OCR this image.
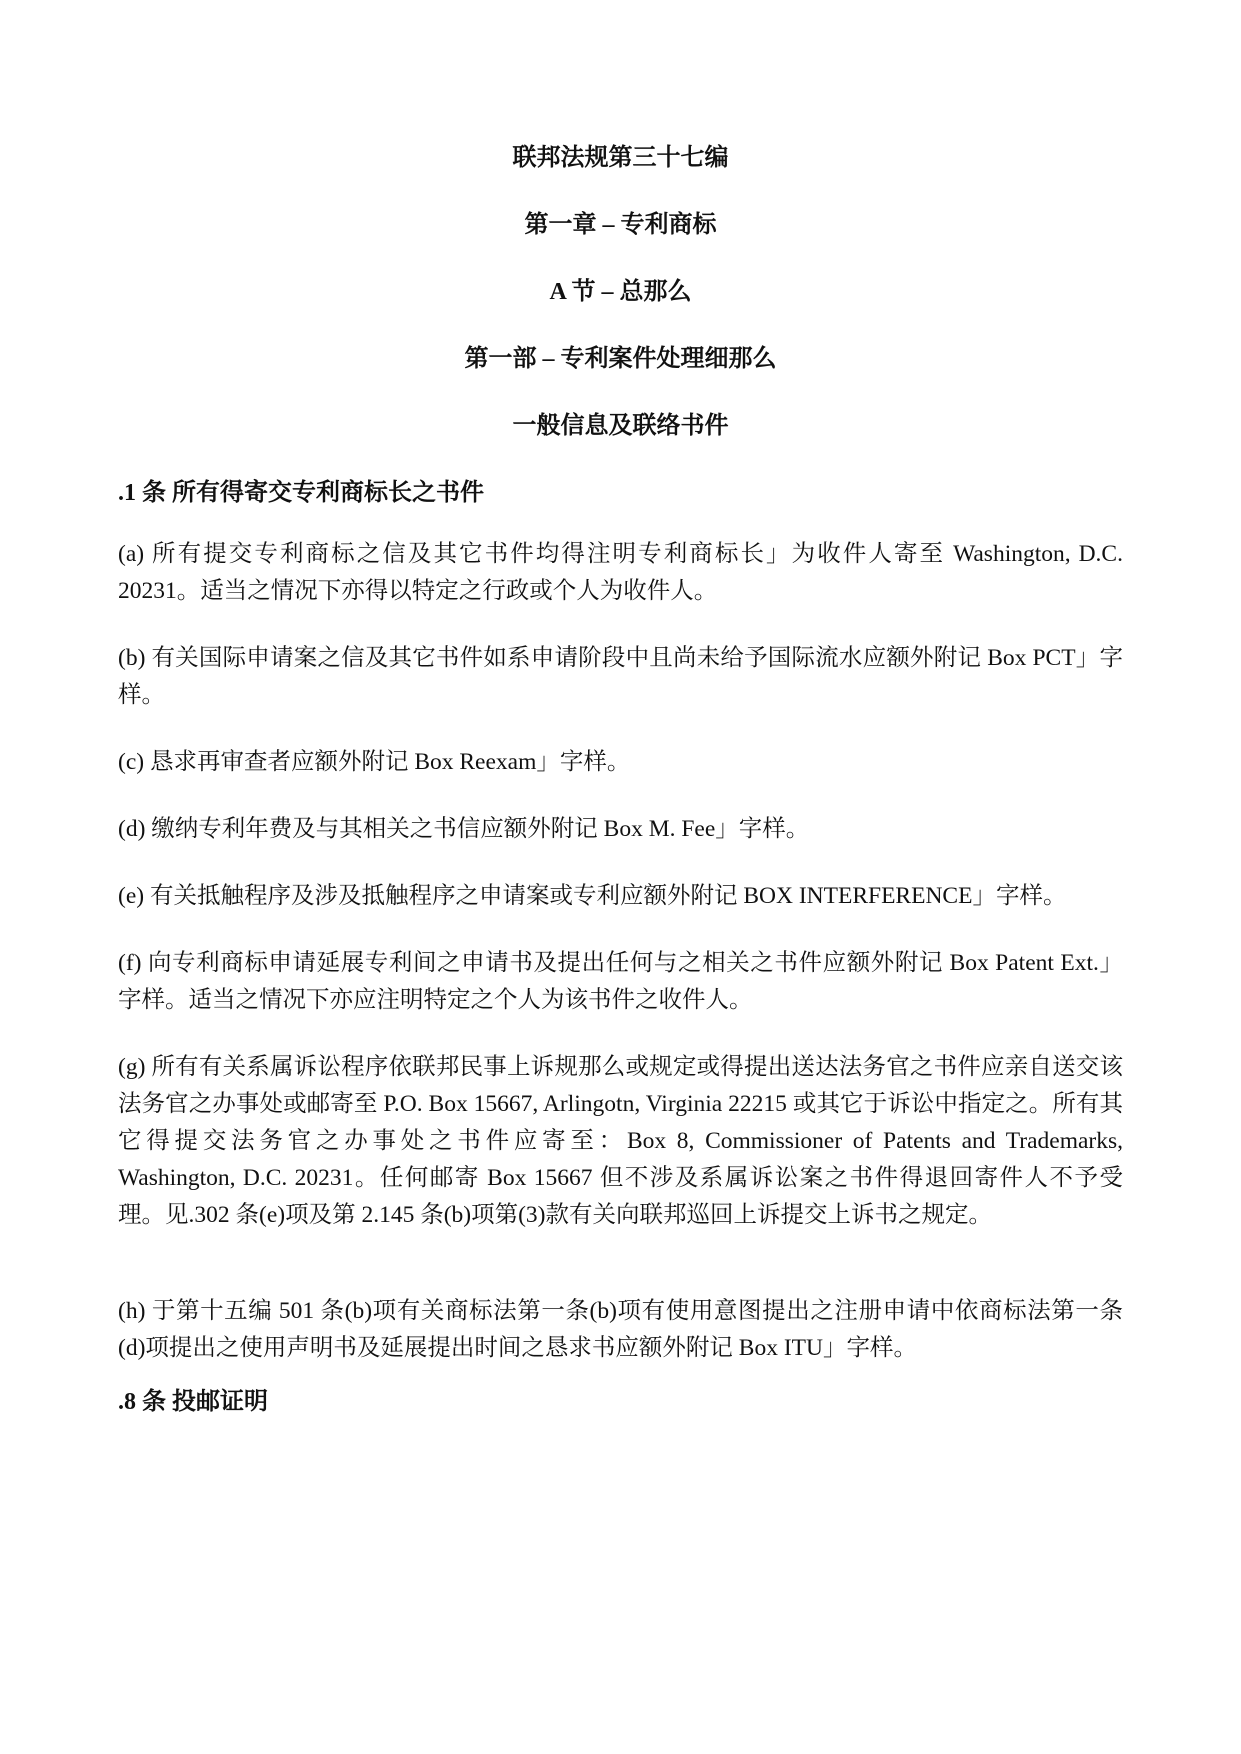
联邦法规第三十七编
第一章 – 专利商标
A 节 – 总那么
第一部 – 专利案件处理细那么
一般信息及联络书件
.1 条 所有得寄交专利商标长之书件

(a) 所有提交专利商标之信及其它书件均得注明专利商标长」为收件人寄至 Washington, D.C. 20231。适当之情况下亦得以特定之行政或个人为收件人。

(b) 有关国际申请案之信及其它书件如系申请阶段中且尚未给予国际流水应额外附记 Box PCT」字样。

(c) 恳求再审查者应额外附记 Box Reexam」字样。

(d) 缴纳专利年费及与其相关之书信应额外附记 Box M. Fee」字样。

(e) 有关抵触程序及涉及抵触程序之申请案或专利应额外附记 BOX INTERFERENCE」字样。

(f) 向专利商标申请延展专利间之申请书及提出任何与之相关之书件应额外附记 Box Patent Ext.」字样。适当之情况下亦应注明特定之个人为该书件之收件人。

(g) 所有有关系属诉讼程序依联邦民事上诉规那么或规定或得提出送达法务官之书件应亲自送交该法务官之办事处或邮寄至 P.O. Box 15667, Arlingotn, Virginia 22215 或其它于诉讼中指定之。所有其它得提交法务官之办事处之书件应寄至：Box 8, Commissioner of Patents and Trademarks, Washington, D.C. 20231。任何邮寄 Box 15667 但不涉及系属诉讼案之书件得退回寄件人不予受理。见.302 条(e)项及第 2.145 条(b)项第(3)款有关向联邦巡回上诉提交上诉书之规定。

(h) 于第十五编 501 条(b)项有关商标法第一条(b)项有使用意图提出之注册申请中依商标法第一条(d)项提出之使用声明书及延展提出时间之恳求书应额外附记 Box ITU」字样。

.8 条 投邮证明
